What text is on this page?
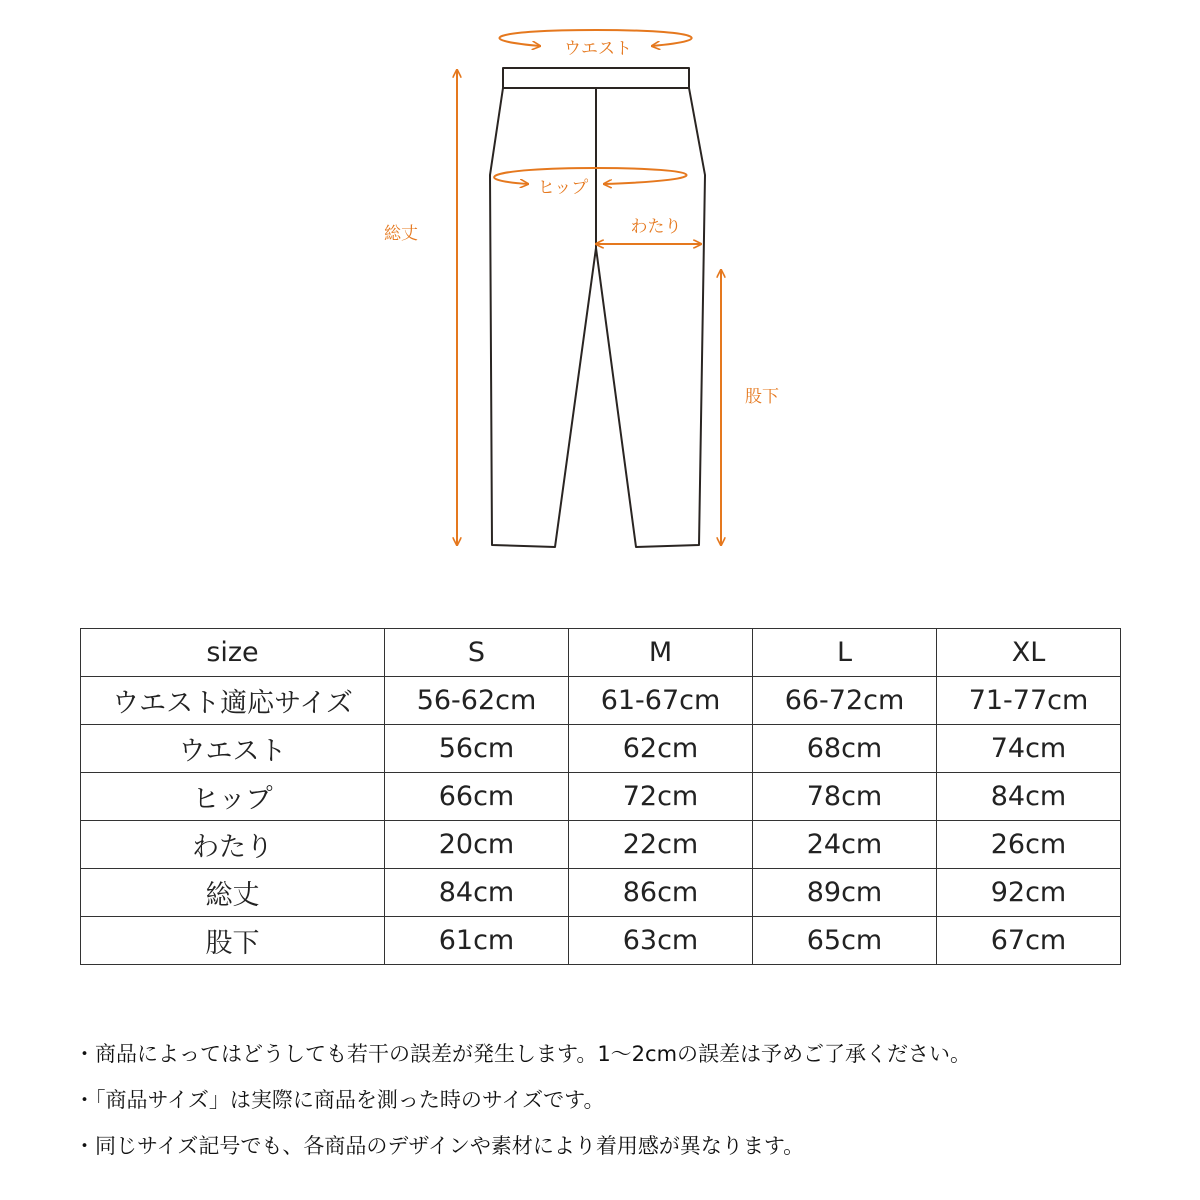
ウエスト
ヒップ
わたり
総丈
股下
size	S	M	L	XL
ウエスト適応サイズ	56-62cm	61-67cm	66-72cm	71-77cm
ウエスト	56cm	62cm	68cm	74cm
ヒップ	66cm	72cm	78cm	84cm
わたり	20cm	22cm	24cm	26cm
総丈	84cm	86cm	89cm	92cm
股下	61cm	63cm	65cm	67cm
・商品によってはどうしても若干の誤差が発生します。1〜2cmの誤差は予めご了承ください。
・「商品サイズ」は実際に商品を測った時のサイズです。
・同じサイズ記号でも、各商品のデザインや素材により着用感が異なります。
